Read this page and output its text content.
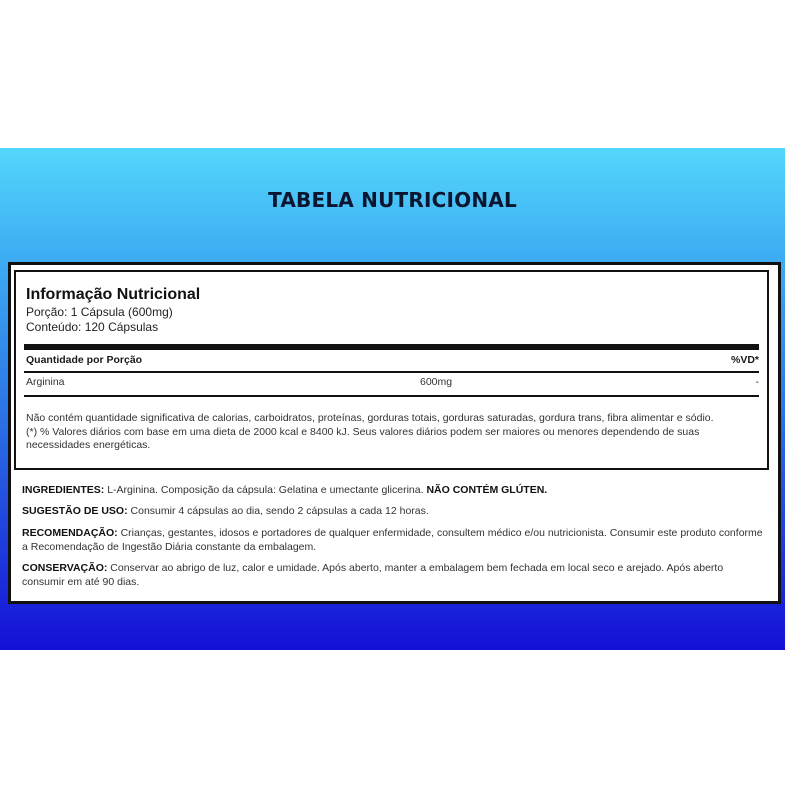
TABELA NUTRICIONAL
Informação Nutricional
Porção: 1 Cápsula (600mg)
Conteúdo: 120 Cápsulas
Quantidade por Porção	%VD*
Arginina	600mg	-

Não contém quantidade significativa de calorias, carboidratos, proteínas, gorduras totais, gorduras saturadas, gordura trans, fibra alimentar e sódio.

(*) % Valores diários com base em uma dieta de 2000 kcal e 8400 kJ. Seus valores diários podem ser maiores ou menores dependendo de suas necessidades energéticas.

INGREDIENTES: L-Arginina. Composição da cápsula: Gelatina e umectante glicerina. NÃO CONTÉM GLÚTEN.
SUGESTÃO DE USO: Consumir 4 cápsulas ao dia, sendo 2 cápsulas a cada 12 horas.
RECOMENDAÇÃO: Crianças, gestantes, idosos e portadores de qualquer enfermidade, consultem médico e/ou nutricionista. Consumir este produto conforme a Recomendação de Ingestão Diária constante da embalagem.
CONSERVAÇÃO: Conservar ao abrigo de luz, calor e umidade. Após aberto, manter a embalagem bem fechada em local seco e arejado. Após aberto consumir em até 90 dias.
